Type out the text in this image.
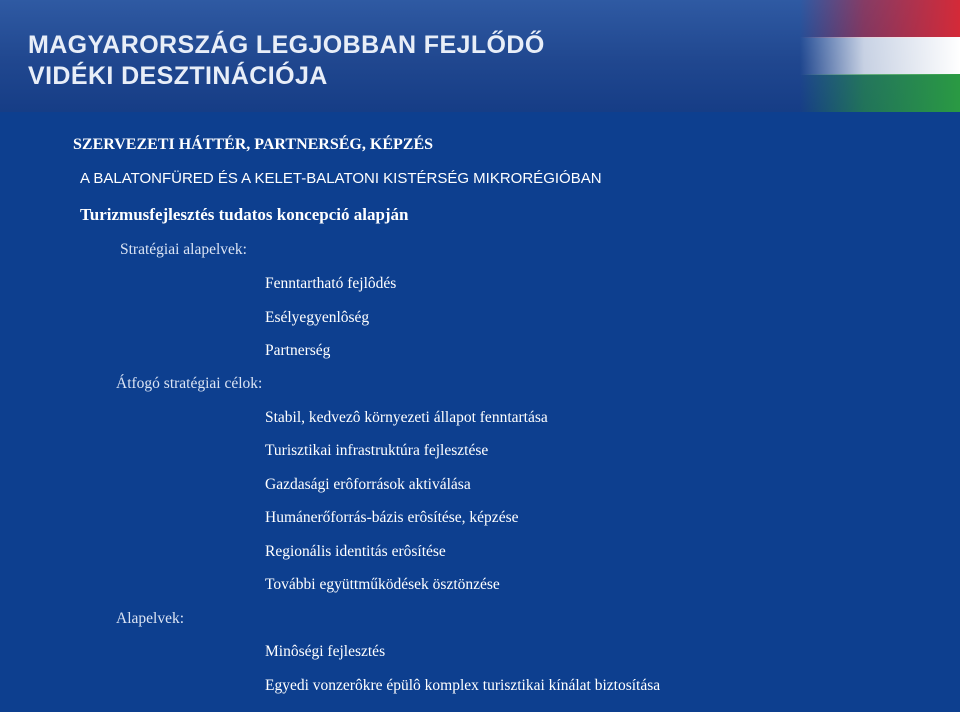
MAGYARORSZÁG LEGJOBBAN FEJLŐDŐ
VIDÉKI DESZTINÁCIÓJA

SZERVEZETI HÁTTÉR, PARTNERSÉG, KÉPZÉS

A BALATONFÜRED ÉS A KELET-BALATONI KISTÉRSÉG MIKRORÉGIÓBAN

Turizmusfejlesztés tudatos koncepció alapján

Stratégiai alapelvek:

Fenntartható fejlôdés

Esélyegyenlôség

Partnerség

Átfogó stratégiai célok:

Stabil, kedvezô környezeti állapot fenntartása

Turisztikai infrastruktúra fejlesztése

Gazdasági erôforrások aktiválása

Humánerőforrás-bázis erôsítése, képzése

Regionális identitás erôsítése

További együttműködések ösztönzése

Alapelvek:

Minôségi fejlesztés

Egyedi vonzerôkre épülô komplex turisztikai kínálat biztosítása
